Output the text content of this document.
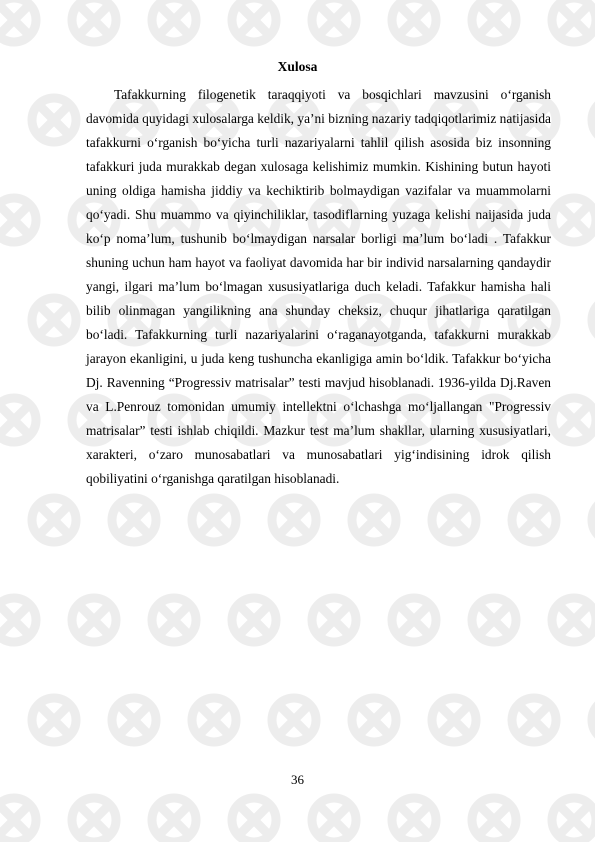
Xulosa

Tafakkurning filogenetik taraqqiyoti va bosqichlari mavzusini o‘rganish davomida quyidagi xulosalarga keldik, ya’ni bizning nazariy tadqiqotlarimiz natijasida tafakkurni o‘rganish bo‘yicha turli nazariyalarni tahlil qilish asosida biz insonning tafakkuri juda murakkab degan xulosaga kelishimiz mumkin. Kishining butun hayoti uning oldiga hamisha jiddiy va kechiktirib bolmaydigan vazifalar va muammolarni qo‘yadi. Shu muammo va qiyinchiliklar, tasodiflarning yuzaga kelishi naijasida juda ko‘p noma’lum, tushunib bo‘lmaydigan narsalar borligi ma’lum bo‘ladi . Tafakkur shuning uchun ham hayot va faoliyat davomida har bir individ narsalarning qandaydir yangi, ilgari ma’lum bo‘lmagan xususiyatlariga duch keladi. Tafakkur hamisha hali bilib olinmagan yangilikning ana shunday cheksiz, chuqur jihatlariga qaratilgan bo‘ladi. Tafakkurning turli nazariyalarini o‘raganayotganda, tafakkurni murakkab jarayon ekanligini, u juda keng tushuncha ekanligiga amin bo‘ldik. Tafakkur bo‘yicha Dj. Ravenning “Progressiv matrisalar” testi mavjud hisoblanadi. 1936-yilda Dj.Raven va L.Penrouz tomonidan umumiy intellektni o‘lchashga mo‘ljallangan "Progressiv matrisalar” testi ishlab chiqildi. Mazkur test ma’lum shakllar, ularning xususiyatlari, xarakteri, o‘zaro munosabatlari va munosabatlari yig‘indisining idrok qilish qobiliyatini o‘rganishga qaratilgan hisoblanadi.

36
